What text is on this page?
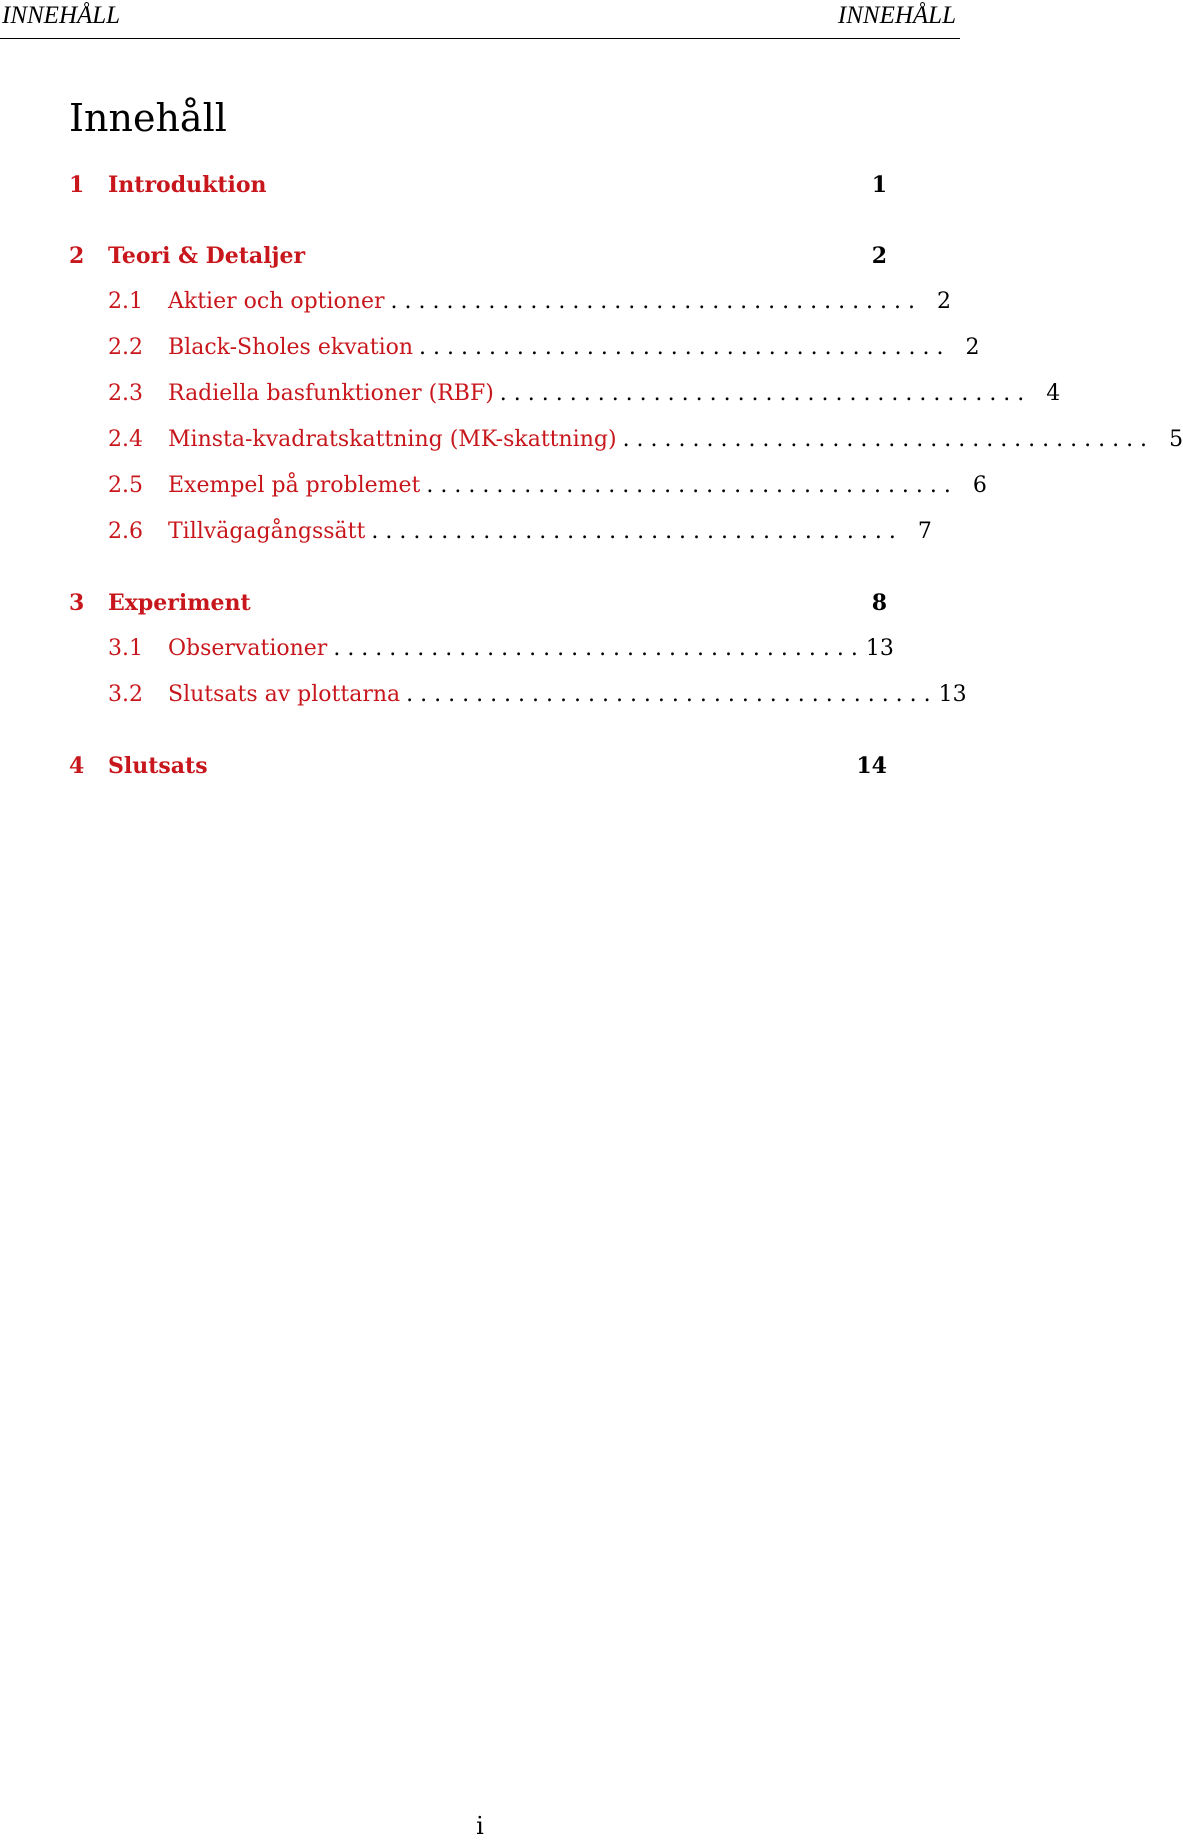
INNEHÅLL	INNEHÅLL
Innehåll
1	Introduktion	1
2	Teori & Detaljer	2
2.1	Aktier och optioner . . . . . . . . . . . . . . . . . . . . . . . . . . . . . . . . . . . . . .	2
2.2	Black-Sholes ekvation . . . . . . . . . . . . . . . . . . . . . . . . . . . . . . . . . . . . . .	2
2.3	Radiella basfunktioner (RBF) . . . . . . . . . . . . . . . . . . . . . . . . . . . . . . . . . . . . . .	4
2.4	Minsta-kvadratskattning (MK-skattning) . . . . . . . . . . . . . . . . . . . . . . . . . . . . . . . . . . . . . .	5
2.5	Exempel på problemet . . . . . . . . . . . . . . . . . . . . . . . . . . . . . . . . . . . . . .	6
2.6	Tillvägagångssätt . . . . . . . . . . . . . . . . . . . . . . . . . . . . . . . . . . . . . .	7
3	Experiment	8
3.1	Observationer . . . . . . . . . . . . . . . . . . . . . . . . . . . . . . . . . . . . . . 13
3.2	Slutsats av plottarna . . . . . . . . . . . . . . . . . . . . . . . . . . . . . . . . . . . . . . 13
4	Slutsats	14
i
